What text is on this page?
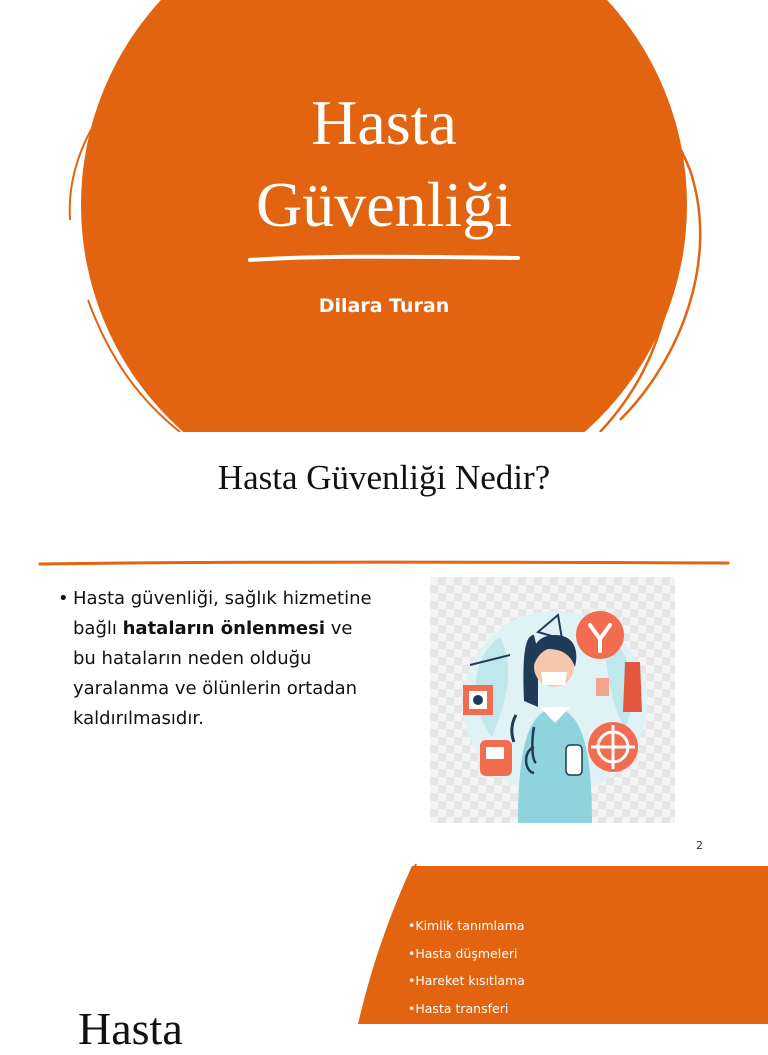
Hasta
Güvenliği
Dilara Turan
Hasta Güvenliği Nedir?
• Hasta güvenliği, sağlık hizmetine bağlı hataların önlenmesi ve bu hataların neden olduğu yaralanma ve ölünlerin ortadan kaldırılmasıdır.
2
•Kimlik tanımlama
•Hasta düşmeleri
•Hareket kısıtlama
•Hasta transferi
Hasta
